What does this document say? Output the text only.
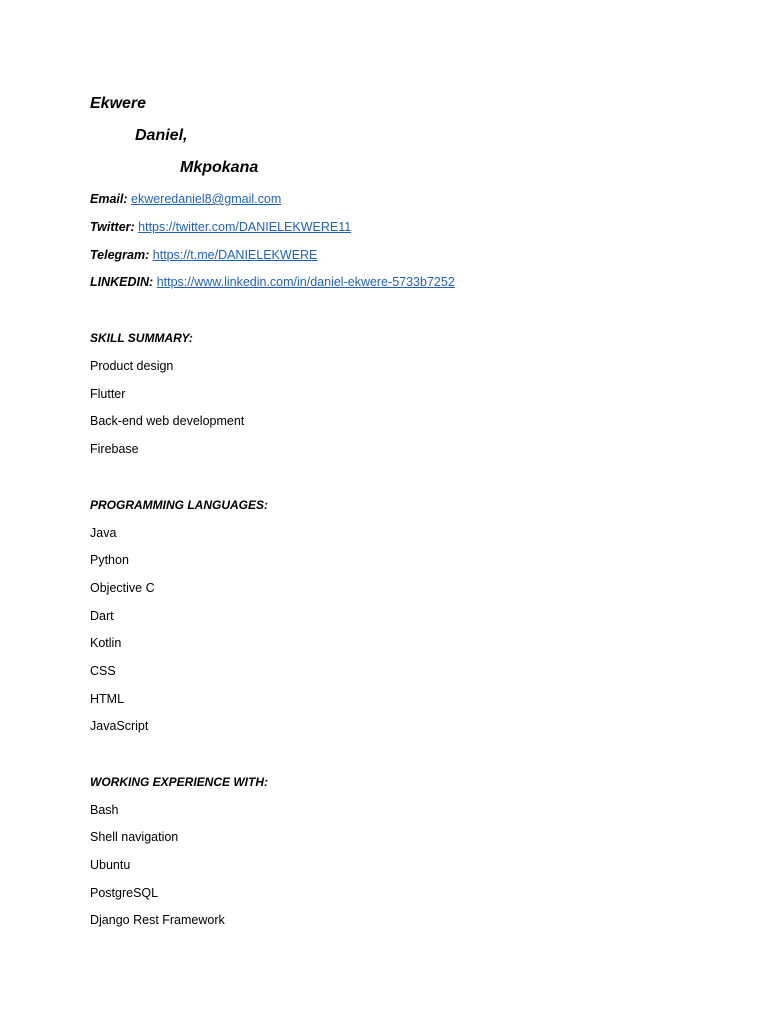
Ekwere
Daniel,
Mkpokana
Email: ekweredaniel8@gmail.com
Twitter: https://twitter.com/DANIELEKWERE11
Telegram: https://t.me/DANIELEKWERE
LINKEDIN: https://www.linkedin.com/in/daniel-ekwere-5733b7252
SKILL SUMMARY:
Product design
Flutter
Back-end web development
Firebase
PROGRAMMING LANGUAGES:
Java
Python
Objective C
Dart
Kotlin
CSS
HTML
JavaScript
WORKING EXPERIENCE WITH:
Bash
Shell navigation
Ubuntu
PostgreSQL
Django Rest Framework
